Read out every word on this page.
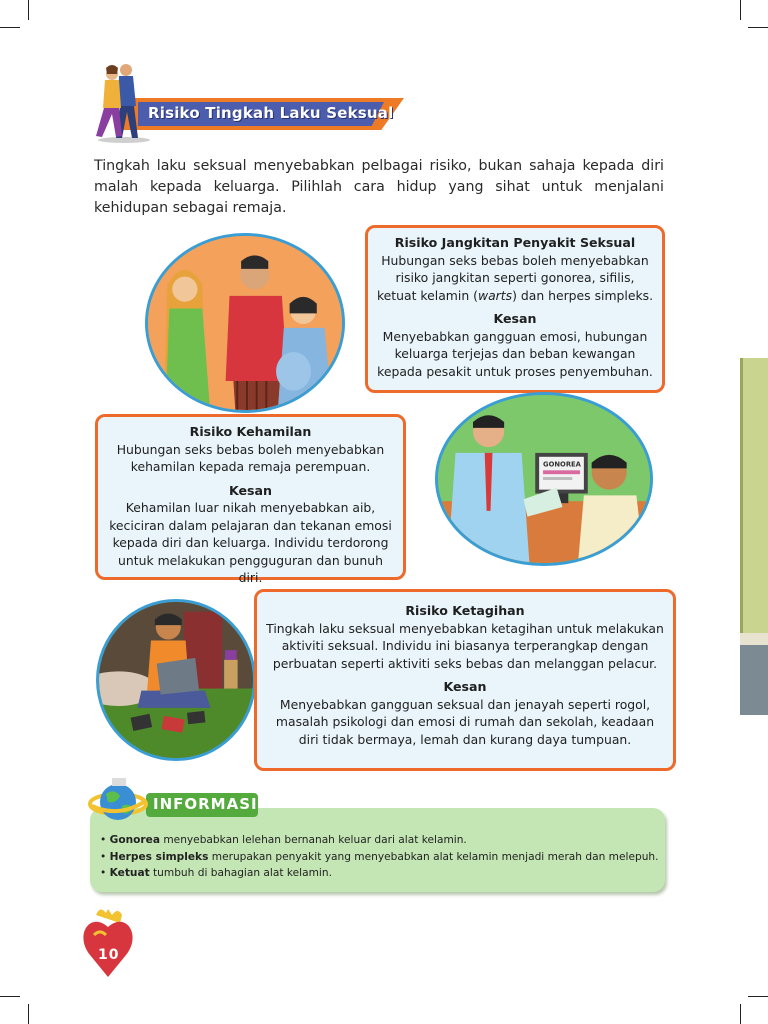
Risiko Tingkah Laku Seksual
Tingkah laku seksual menyebabkan pelbagai risiko, bukan sahaja kepada diri malah kepada keluarga. Pilihlah cara hidup yang sihat untuk menjalani kehidupan sebagai remaja.
Risiko Jangkitan Penyakit Seksual
Hubungan seks bebas boleh menyebabkan risiko jangkitan seperti gonorea, sifilis, ketuat kelamin (warts) dan herpes simpleks.
Kesan
Menyebabkan gangguan emosi, hubungan keluarga terjejas dan beban kewangan kepada pesakit untuk proses penyembuhan.
Risiko Kehamilan
Hubungan seks bebas boleh menyebabkan kehamilan kepada remaja perempuan.
Kesan
Kehamilan luar nikah menyebabkan aib, keciciran dalam pelajaran dan tekanan emosi kepada diri dan keluarga. Individu terdorong untuk melakukan pengguguran dan bunuh diri.
GONOREA
Risiko Ketagihan
Tingkah laku seksual menyebabkan ketagihan untuk melakukan aktiviti seksual. Individu ini biasanya terperangkap dengan perbuatan seperti aktiviti seks bebas dan melanggan pelacur.
Kesan
Menyebabkan gangguan seksual dan jenayah seperti rogol, masalah psikologi dan emosi di rumah dan sekolah, keadaan diri tidak bermaya, lemah dan kurang daya tumpuan.
INFORMASI
• Gonorea menyebabkan lelehan bernanah keluar dari alat kelamin.
• Herpes simpleks merupakan penyakit yang menyebabkan alat kelamin menjadi merah dan melepuh.
• Ketuat tumbuh di bahagian alat kelamin.
10
